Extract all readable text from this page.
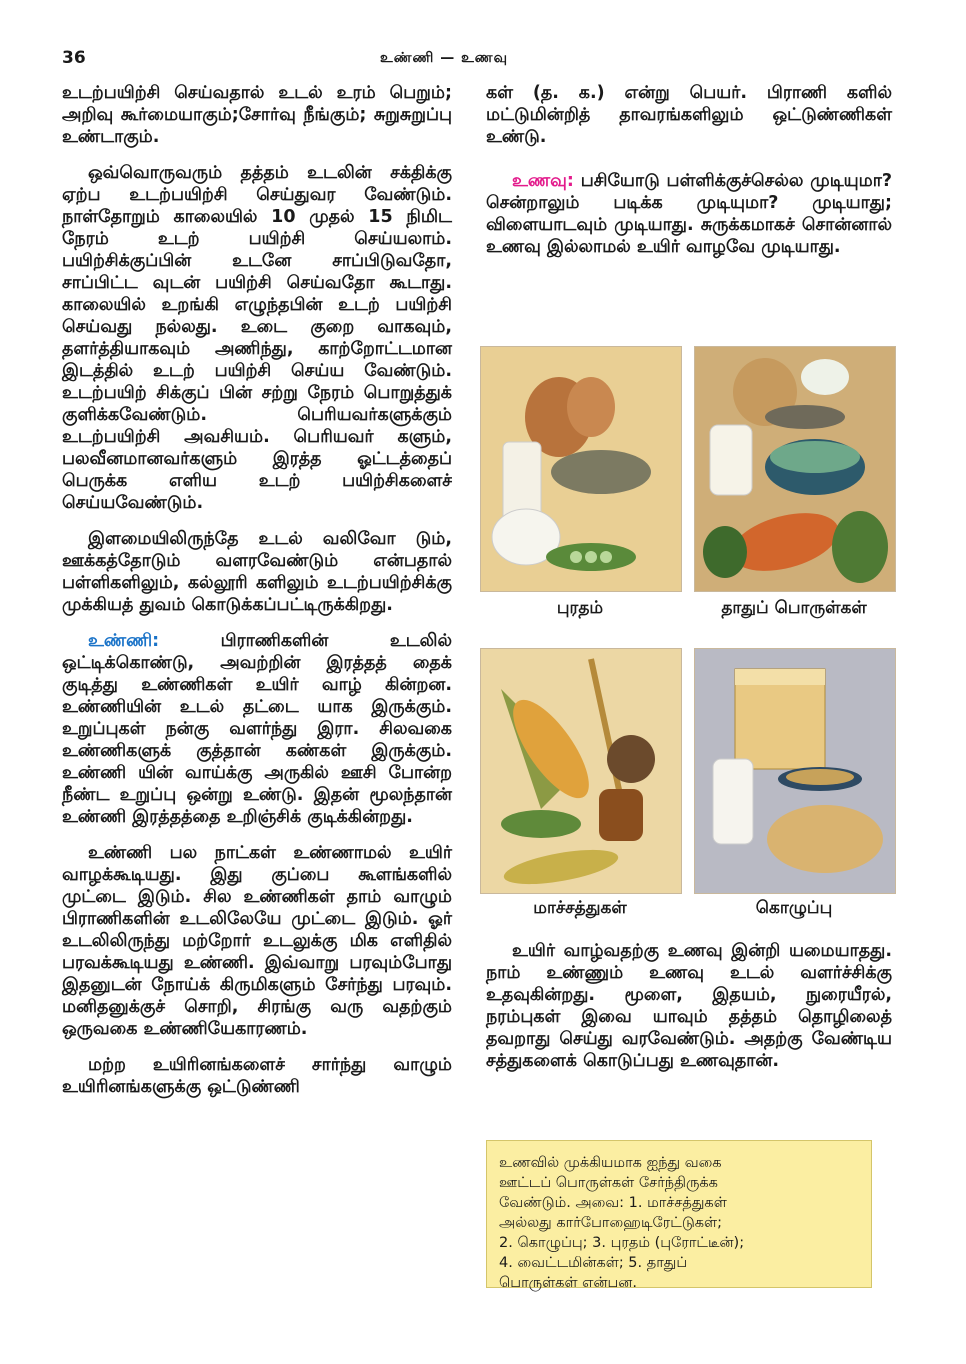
36	உண்ணி — உணவு

உடற்பயிற்சி செய்வதால் உடல் உரம் பெறும்; அறிவு கூர்மையாகும்;சோர்வு நீங்கும்; சுறுசுறுப்பு உண்டாகும்.

ஒவ்வொருவரும் தத்தம் உடலின் சக்திக்கு ஏற்ப உடற்பயிற்சி செய்துவர வேண்டும். நாள்தோறும் காலையில் 10 முதல் 15 நிமிட நேரம் உடற் பயிற்சி செய்யலாம். பயிற்சிக்குப்பின் உடனே சாப்பிடுவதோ, சாப்பிட்ட வுடன் பயிற்சி செய்வதோ கூடாது. காலையில் உறங்கி எழுந்தபின் உடற் பயிற்சி செய்வது நல்லது. உடை குறை வாகவும், தளர்த்தியாகவும் அணிந்து, காற்றோட்டமான இடத்தில் உடற் பயிற்சி செய்ய வேண்டும். உடற்பயிற் சிக்குப் பின் சற்று நேரம் பொறுத்துக் குளிக்கவேண்டும். பெரியவர்களுக்கும் உடற்பயிற்சி அவசியம். பெரியவர் களும், பலவீனமானவர்களும் இரத்த ஓட்டத்தைப் பெருக்க எளிய உடற் பயிற்சிகளைச் செய்யவேண்டும்.

இளமையிலிருந்தே உடல் வலிவோ டும், ஊக்கத்தோடும் வளரவேண்டும் என்பதால் பள்ளிகளிலும், கல்லூரி களிலும் உடற்பயிற்சிக்கு முக்கியத் துவம் கொடுக்கப்பட்டிருக்கிறது.

உண்ணி: பிராணிகளின் உடலில் ஒட்டிக்கொண்டு, அவற்றின் இரத்தத் தைக் குடித்து உண்ணிகள் உயிர் வாழ் கின்றன. உண்ணியின் உடல் தட்டை யாக இருக்கும். உறுப்புகள் நன்கு வளர்ந்து இரா. சிலவகை உண்ணிகளுக் குத்தான் கண்கள் இருக்கும். உண்ணி யின் வாய்க்கு அருகில் ஊசி போன்ற நீண்ட உறுப்பு ஒன்று உண்டு. இதன் மூலந்தான் உண்ணி இரத்தத்தை உறிஞ்சிக் குடிக்கின்றது.

உண்ணி பல நாட்கள் உண்ணாமல் உயிர் வாழக்கூடியது. இது குப்பை கூளங்களில் முட்டை இடும். சில உண்ணிகள் தாம் வாழும் பிராணிகளின் உடலிலேயே முட்டை இடும். ஓர் உடலிலிருந்து மற்றோர் உடலுக்கு மிக எளிதில் பரவக்கூடியது உண்ணி. இவ்வாறு பரவும்போது இதனுடன் நோய்க் கிருமிகளும் சேர்ந்து பரவும். மனிதனுக்குச் சொறி, சிரங்கு வரு வதற்கும் ஒருவகை உண்ணியேகாரணம்.

மற்ற உயிரினங்களைச் சார்ந்து வாழும் உயிரினங்களுக்கு ஒட்டுண்ணி

கள் (த. க.) என்று பெயர். பிராணி களில் மட்டுமின்றித் தாவரங்களிலும் ஒட்டுண்ணிகள் உண்டு.

உணவு: பசியோடு பள்ளிக்குச்செல்ல முடியுமா? சென்றாலும் படிக்க முடியுமா? முடியாது; விளையாடவும் முடியாது. சுருக்கமாகச் சொன்னால் உணவு இல்லாமல் உயிர் வாழவே முடியாது.

புரதம்	தாதுப் பொருள்கள்
மாச்சத்துகள்	கொழுப்பு

உயிர் வாழ்வதற்கு உணவு இன்றி யமையாதது. நாம் உண்ணும் உணவு உடல் வளர்ச்சிக்கு உதவுகின்றது. மூளை, இதயம், நுரையீரல், நரம்புகள் இவை யாவும் தத்தம் தொழிலைத் தவறாது செய்து வரவேண்டும். அதற்கு வேண்டிய சத்துகளைக் கொடுப்பது உணவுதான்.

உணவில் முக்கியமாக ஐந்து வகை
ஊட்டப் பொருள்கள் சேர்ந்திருக்க
வேண்டும். அவை: 1. மாச்சத்துகள்
அல்லது கார்போஹைடிரேட்டுகள்;
2. கொழுப்பு; 3. புரதம் (புரோட்டீன்);
4. வைட்டமின்கள்; 5. தாதுப்
பொருள்கள் என்பன.
